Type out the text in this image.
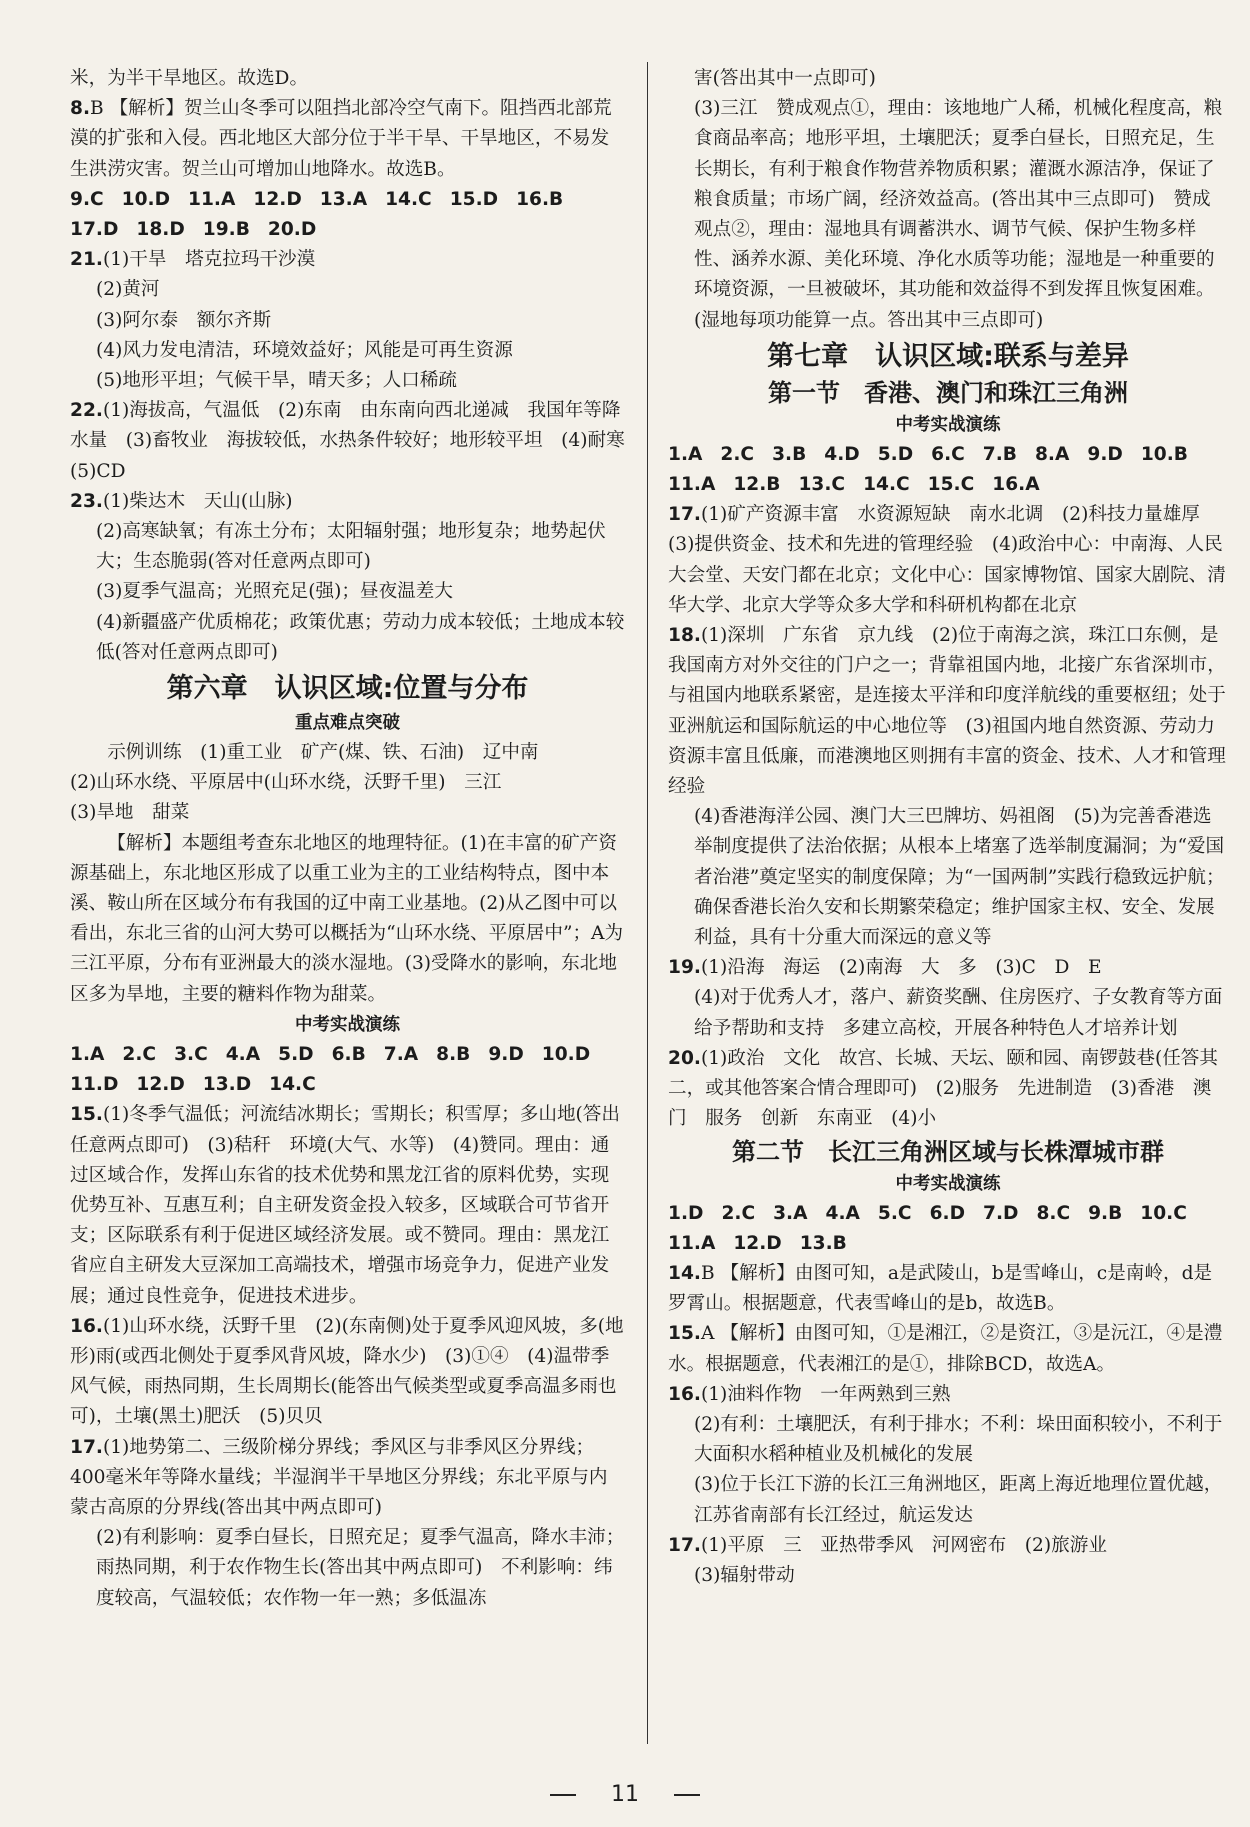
米，为半干旱地区。故选D。

8.B 【解析】贺兰山冬季可以阻挡北部冷空气南下。阻挡西北部荒漠的扩张和入侵。西北地区大部分位于半干旱、干旱地区，不易发生洪涝灾害。贺兰山可增加山地降水。故选B。

9.C 10.D 11.A 12.D 13.A 14.C 15.D 16.B
17.D 18.D 19.B 20.D

21.(1)干旱　塔克拉玛干沙漠

(2)黄河

(3)阿尔泰　额尔齐斯

(4)风力发电清洁，环境效益好；风能是可再生资源

(5)地形平坦；气候干旱，晴天多；人口稀疏

22.(1)海拔高，气温低　(2)东南　由东南向西北递减　我国年等降水量　(3)畜牧业　海拔较低，水热条件较好；地形较平坦　(4)耐寒　(5)CD

23.(1)柴达木　天山(山脉)

(2)高寒缺氧；有冻土分布；太阳辐射强；地形复杂；地势起伏大；生态脆弱(答对任意两点即可)

(3)夏季气温高；光照充足(强)；昼夜温差大

(4)新疆盛产优质棉花；政策优惠；劳动力成本较低；土地成本较低(答对任意两点即可)

第六章　认识区域:位置与分布

重点难点突破

示例训练　(1)重工业　矿产(煤、铁、石油)　辽中南

(2)山环水绕、平原居中(山环水绕，沃野千里)　三江

(3)旱地　甜菜

【解析】本题组考查东北地区的地理特征。(1)在丰富的矿产资源基础上，东北地区形成了以重工业为主的工业结构特点，图中本溪、鞍山所在区域分布有我国的辽中南工业基地。(2)从乙图中可以看出，东北三省的山河大势可以概括为“山环水绕、平原居中”；A为三江平原，分布有亚洲最大的淡水湿地。(3)受降水的影响，东北地区多为旱地，主要的糖料作物为甜菜。

中考实战演练

1.A 2.C 3.C 4.A 5.D 6.B 7.A 8.B 9.D 10.D
11.D 12.D 13.D 14.C

15.(1)冬季气温低；河流结冰期长；雪期长；积雪厚；多山地(答出任意两点即可)　(3)秸秆　环境(大气、水等)　(4)赞同。理由：通过区域合作，发挥山东省的技术优势和黑龙江省的原料优势，实现优势互补、互惠互利；自主研发资金投入较多，区域联合可节省开支；区际联系有利于促进区域经济发展。或不赞同。理由：黑龙江省应自主研发大豆深加工高端技术，增强市场竞争力，促进产业发展；通过良性竞争，促进技术进步。

16.(1)山环水绕，沃野千里　(2)(东南侧)处于夏季风迎风坡，多(地形)雨(或西北侧处于夏季风背风坡，降水少)　(3)①④　(4)温带季风气候，雨热同期，生长周期长(能答出气候类型或夏季高温多雨也可)，土壤(黑土)肥沃　(5)贝贝

17.(1)地势第二、三级阶梯分界线；季风区与非季风区分界线；400毫米年等降水量线；半湿润半干旱地区分界线；东北平原与内蒙古高原的分界线(答出其中两点即可)

(2)有利影响：夏季白昼长，日照充足；夏季气温高，降水丰沛；雨热同期，利于农作物生长(答出其中两点即可)　不利影响：纬度较高，气温较低；农作物一年一熟；多低温冻

害(答出其中一点即可)

(3)三江　赞成观点①，理由：该地地广人稀，机械化程度高，粮食商品率高；地形平坦，土壤肥沃；夏季白昼长，日照充足，生长期长，有利于粮食作物营养物质积累；灌溉水源洁净，保证了粮食质量；市场广阔，经济效益高。(答出其中三点即可)　赞成观点②，理由：湿地具有调蓄洪水、调节气候、保护生物多样性、涵养水源、美化环境、净化水质等功能；湿地是一种重要的环境资源，一旦被破坏，其功能和效益得不到发挥且恢复困难。(湿地每项功能算一点。答出其中三点即可)

第七章　认识区域:联系与差异

第一节　香港、澳门和珠江三角洲

中考实战演练

1.A 2.C 3.B 4.D 5.D 6.C 7.B 8.A 9.D 10.B
11.A 12.B 13.C 14.C 15.C 16.A

17.(1)矿产资源丰富　水资源短缺　南水北调　(2)科技力量雄厚　(3)提供资金、技术和先进的管理经验　(4)政治中心：中南海、人民大会堂、天安门都在北京；文化中心：国家博物馆、国家大剧院、清华大学、北京大学等众多大学和科研机构都在北京

18.(1)深圳　广东省　京九线　(2)位于南海之滨，珠江口东侧，是我国南方对外交往的门户之一；背靠祖国内地，北接广东省深圳市，与祖国内地联系紧密，是连接太平洋和印度洋航线的重要枢纽；处于亚洲航运和国际航运的中心地位等　(3)祖国内地自然资源、劳动力资源丰富且低廉，而港澳地区则拥有丰富的资金、技术、人才和管理经验

(4)香港海洋公园、澳门大三巴牌坊、妈祖阁　(5)为完善香港选举制度提供了法治依据；从根本上堵塞了选举制度漏洞；为“爱国者治港”奠定坚实的制度保障；为“一国两制”实践行稳致远护航；确保香港长治久安和长期繁荣稳定；维护国家主权、安全、发展利益，具有十分重大而深远的意义等

19.(1)沿海　海运　(2)南海　大　多　(3)C　D　E

(4)对于优秀人才，落户、薪资奖酬、住房医疗、子女教育等方面给予帮助和支持　多建立高校，开展各种特色人才培养计划

20.(1)政治　文化　故宫、长城、天坛、颐和园、南锣鼓巷(任答其二，或其他答案合情合理即可)　(2)服务　先进制造　(3)香港　澳门　服务　创新　东南亚　(4)小

第二节　长江三角洲区域与长株潭城市群

中考实战演练

1.D 2.C 3.A 4.A 5.C 6.D 7.D 8.C 9.B 10.C
11.A 12.D 13.B

14.B 【解析】由图可知，a是武陵山，b是雪峰山，c是南岭，d是罗霄山。根据题意，代表雪峰山的是b，故选B。

15.A 【解析】由图可知，①是湘江，②是资江，③是沅江，④是澧水。根据题意，代表湘江的是①，排除BCD，故选A。

16.(1)油料作物　一年两熟到三熟

(2)有利：土壤肥沃，有利于排水；不利：垛田面积较小，不利于大面积水稻种植业及机械化的发展

(3)位于长江下游的长江三角洲地区，距离上海近地理位置优越，江苏省南部有长江经过，航运发达

17.(1)平原　三　亚热带季风　河网密布　(2)旅游业

(3)辐射带动

11
